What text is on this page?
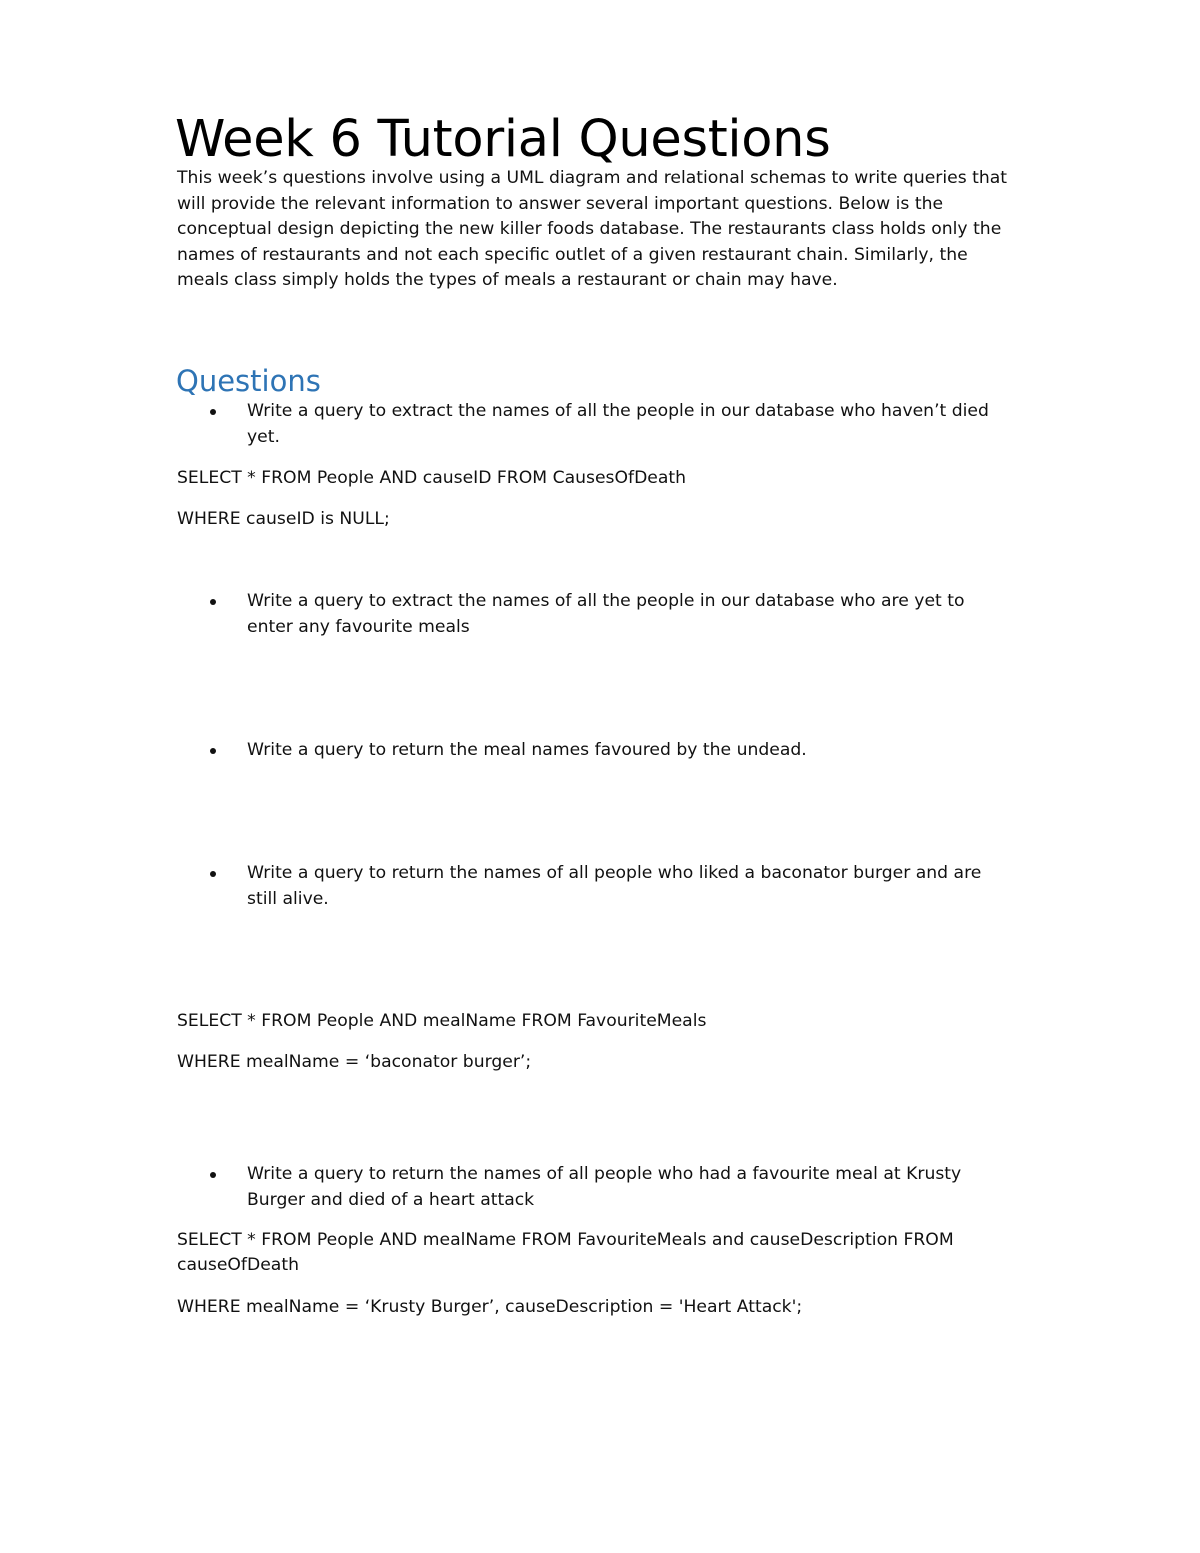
Week 6 Tutorial Questions
This week’s questions involve using a UML diagram and relational schemas to write queries that
will provide the relevant information to answer several important questions. Below is the
conceptual design depicting the new killer foods database. The restaurants class holds only the
names of restaurants and not each specific outlet of a given restaurant chain. Similarly, the
meals class simply holds the types of meals a restaurant or chain may have.
Questions
Write a query to extract the names of all the people in our database who haven’t died
yet.
SELECT * FROM People AND causeID FROM CausesOfDeath
WHERE causeID is NULL;
Write a query to extract the names of all the people in our database who are yet to
enter any favourite meals
Write a query to return the meal names favoured by the undead.
Write a query to return the names of all people who liked a baconator burger and are
still alive.
SELECT * FROM People AND mealName FROM FavouriteMeals
WHERE mealName = ‘baconator burger’;
Write a query to return the names of all people who had a favourite meal at Krusty
Burger and died of a heart attack
SELECT * FROM People AND mealName FROM FavouriteMeals and causeDescription FROM
causeOfDeath
WHERE mealName = ‘Krusty Burger’, causeDescription = 'Heart Attack';
